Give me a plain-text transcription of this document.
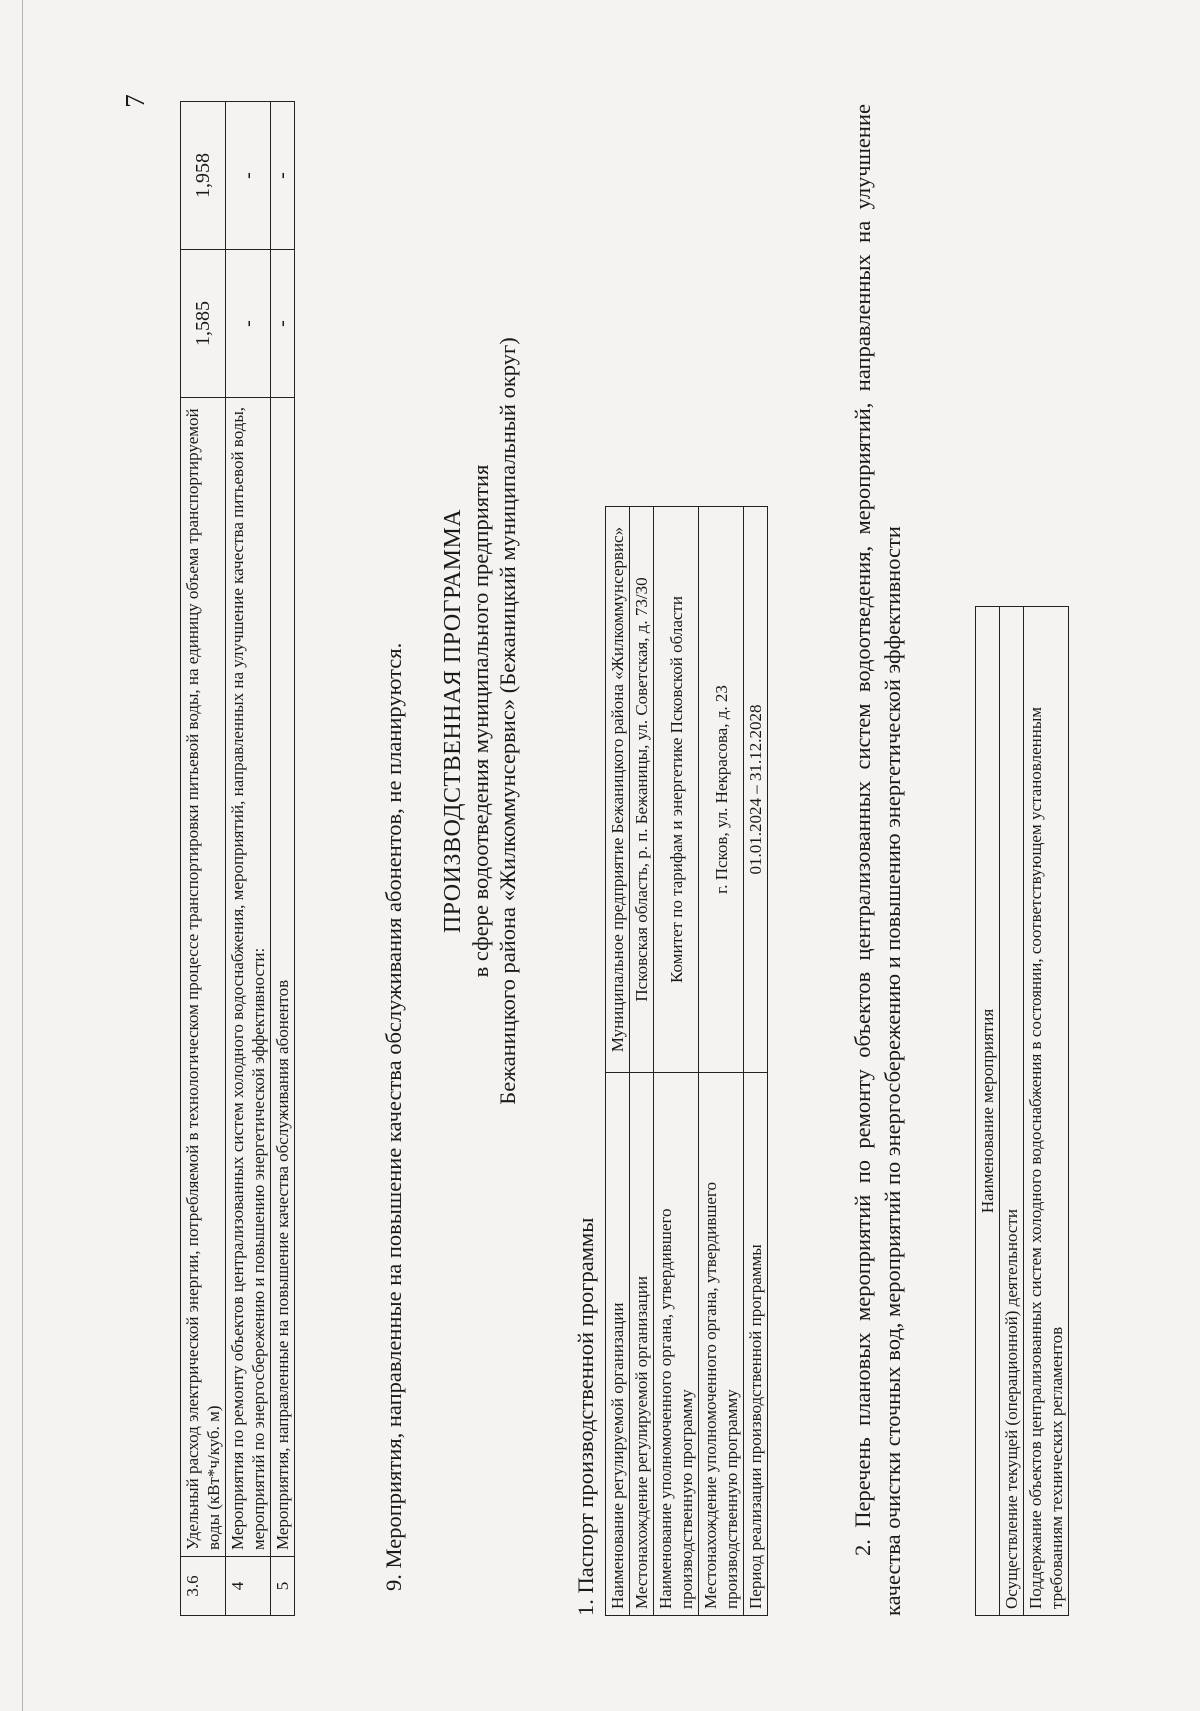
7
3.6	Удельный расход электрической энергии, потребляемой в технологическом процессе транспортировки питьевой воды, на единицу объема транспортируемой воды (кВт*ч/куб. м)	1,585	1,958
4	Мероприятия по ремонту объектов централизованных систем холодного водоснабжения, мероприятий, направленных на улучшение качества питьевой воды, мероприятий по энергосбережению и повышению энергетической эффективности:	-	-
5	Мероприятия, направленные на повышение качества обслуживания абонентов	-	-
9. Мероприятия, направленные на повышение качества обслуживания абонентов, не планируются. ПРОИЗВОДСТВЕННАЯ ПРОГРАММА в сфере водоотведения муниципального предприятия Бежаницкого района «Жилкоммунсервис» (Бежаницкий муниципальный округ)
1. Паспорт производственной программы Наименование регулируемой организации	Муниципальное предприятие Бежаницкого района «Жилкоммунсервис»
Местонахождение регулируемой организации	Псковская область, р. п. Бежаницы, ул. Советская, д. 73/30
Наименование уполномоченного органа, утвердившего производственную программу	Комитет по тарифам и энергетике Псковской области
Местонахождение уполномоченного органа, утвердившего производственную программу	г. Псков, ул. Некрасова, д. 23
Период реализации производственной программы	01.01.2024 – 31.12.2028	2. Перечень плановых мероприятий по ремонту объектов централизованных систем водоотведения, мероприятий, направленных на улучшение качества очистки сточных вод, мероприятий по энергосбережению и повышению энергетической эффективности	Наименование мероприятия
Осуществление текущей (операционной) деятельности
Поддержание объектов централизованных систем холодного водоснабжения в состоянии, соответствующем установленным требованиям технических регламентов
